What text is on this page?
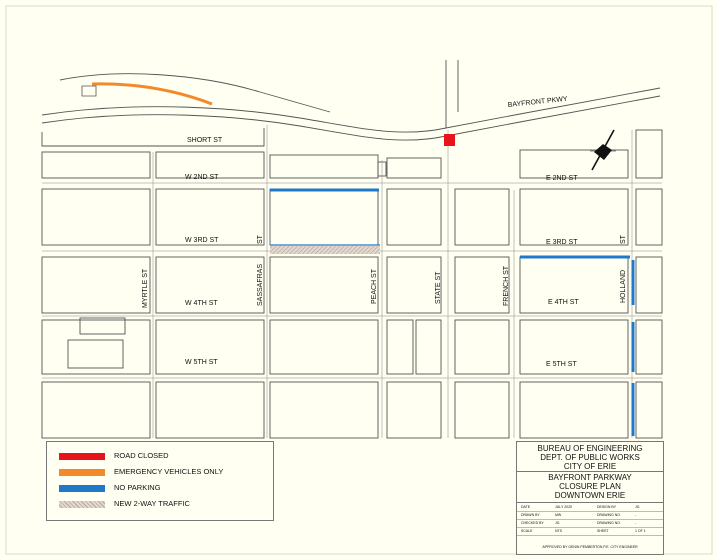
BAYFRONT PKWY
SHORT ST
W 2ND ST	E 2ND ST
W 3RD ST	E 3RD ST
W 4TH ST	E 4TH ST
W 5TH ST	E 5TH ST
MYRTLE ST	SASSAFRAS
ST
PEACH ST	STATE ST	FRENCH ST	HOLLAND
ST
ROAD CLOSED
EMERGENCY VEHICLES ONLY
NO PARKING
NEW 2-WAY TRAFFIC
BUREAU OF ENGINEERING
DEPT. OF PUBLIC WORKS
CITY OF ERIE
BAYFRONT PARKWAY
CLOSURE PLAN
DOWNTOWN ERIE
DATE	JULY 2020	DESIGN BY	JG
DRAWN BY	MW	DRAWING NO.	-
CHECKED BY	JG	DRAWING NO.	-
SCALE	NTS	SHEET	1 OF 1
APPROVED BY GENIN PEMBERTON P.E. CITY ENGINEER
